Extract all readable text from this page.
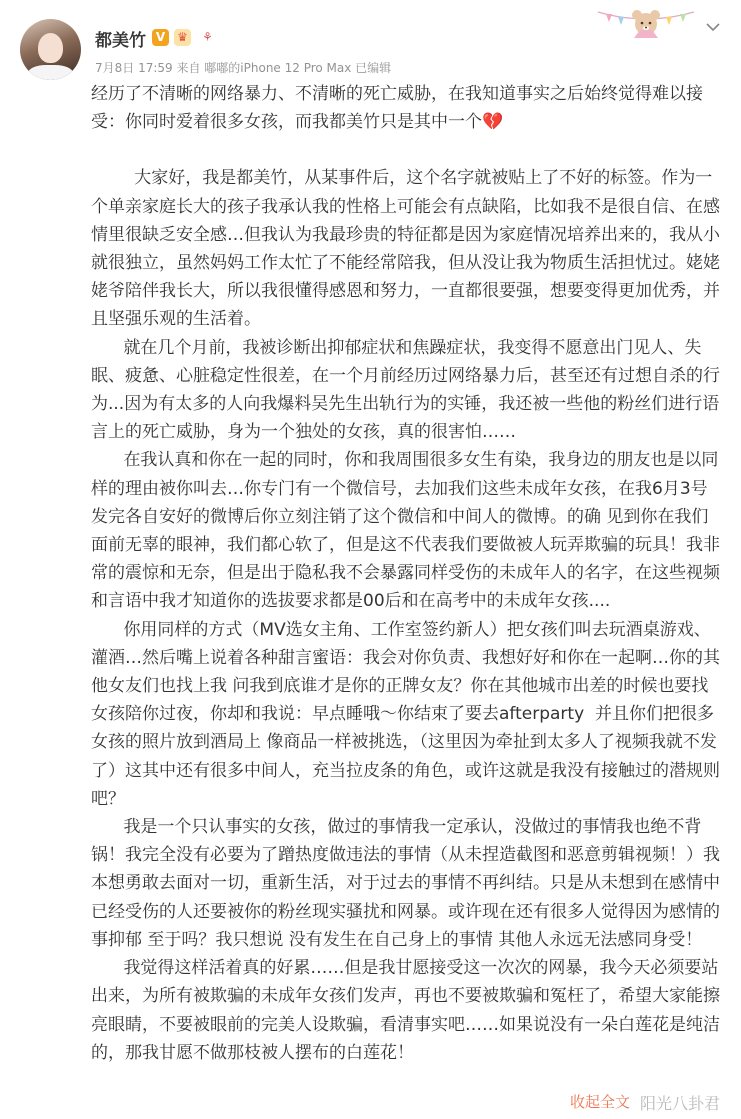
都美竹 V ♛ ⚘
7月8日 17:59 来自 嘟嘟的iPhone 12 Pro Max 已编辑

经历了不清晰的网络暴力、不清晰的死亡威胁，在我知道事实之后始终觉得难以接受：你同时爱着很多女孩，而我都美竹只是其中一个💔

大家好，我是都美竹，从某事件后，这个名字就被贴上了不好的标签。作为一个单亲家庭长大的孩子我承认我的性格上可能会有点缺陷，比如我不是很自信、在感情里很缺乏安全感…但我认为我最珍贵的特征都是因为家庭情况培养出来的，我从小就很独立，虽然妈妈工作太忙了不能经常陪我，但从没让我为物质生活担忧过。姥姥姥爷陪伴我长大，所以我很懂得感恩和努力，一直都很要强，想要变得更加优秀，并且坚强乐观的生活着。

就在几个月前，我被诊断出抑郁症状和焦躁症状，我变得不愿意出门见人、失眠、疲惫、心脏稳定性很差，在一个月前经历过网络暴力后，甚至还有过想自杀的行为...因为有太多的人向我爆料吴先生出轨行为的实锤，我还被一些他的粉丝们进行语言上的死亡威胁，身为一个独处的女孩，真的很害怕……

在我认真和你在一起的同时，你和我周围很多女生有染，我身边的朋友也是以同样的理由被你叫去…你专门有一个微信号，去加我们这些未成年女孩，在我6月3号发完各自安好的微博后你立刻注销了这个微信和中间人的微博。的确 见到你在我们面前无辜的眼神，我们都心软了，但是这不代表我们要做被人玩弄欺骗的玩具！我非常的震惊和无奈，但是出于隐私我不会暴露同样受伤的未成年人的名字，在这些视频和言语中我才知道你的选拔要求都是00后和在高考中的未成年女孩....

你用同样的方式（MV选女主角、工作室签约新人）把女孩们叫去玩酒桌游戏、灌酒…然后嘴上说着各种甜言蜜语：我会对你负责、我想好好和你在一起啊…你的其他女友们也找上我 问我到底谁才是你的正牌女友？你在其他城市出差的时候也要找女孩陪你过夜，你却和我说：早点睡哦～你结束了要去afterparty  并且你们把很多女孩的照片放到酒局上 像商品一样被挑选，（这里因为牵扯到太多人了视频我就不发了）这其中还有很多中间人，充当拉皮条的角色，或许这就是我没有接触过的潜规则吧？

我是一个只认事实的女孩，做过的事情我一定承认，没做过的事情我也绝不背锅！我完全没有必要为了蹭热度做违法的事情（从未捏造截图和恶意剪辑视频！）我本想勇敢去面对一切，重新生活，对于过去的事情不再纠结。只是从未想到在感情中已经受伤的人还要被你的粉丝现实骚扰和网暴。或许现在还有很多人觉得因为感情的事抑郁 至于吗？我只想说 没有发生在自己身上的事情 其他人永远无法感同身受！

我觉得这样活着真的好累……但是我甘愿接受这一次次的网暴，我今天必须要站出来，为所有被欺骗的未成年女孩们发声，再也不要被欺骗和冤枉了，希望大家能擦亮眼睛，不要被眼前的完美人设欺骗，看清事实吧……如果说没有一朵白莲花是纯洁的，那我甘愿不做那枝被人摆布的白莲花！

收起全文 阳光八卦君
